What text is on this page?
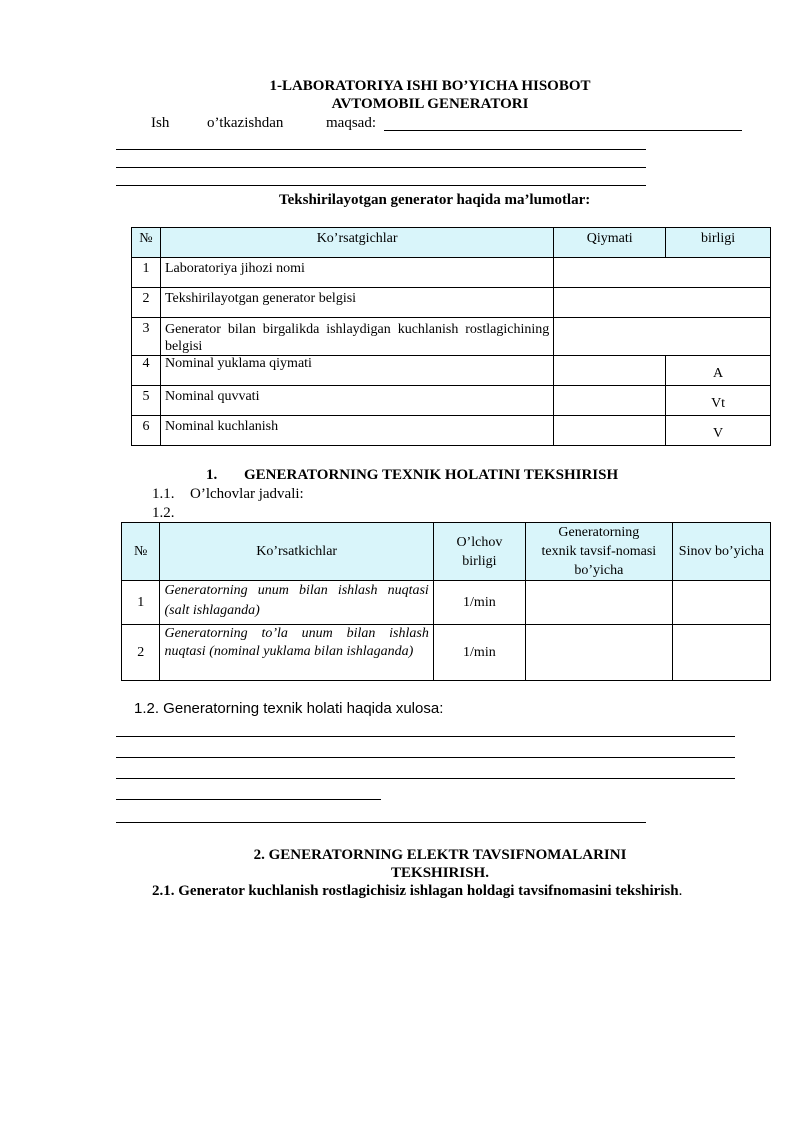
1-LABORATORIYA ISHI BO’YICHA HISOBOT
AVTOMOBIL GENERATORI
Ish	o’tkazishdan	maqsad:
Tekshirilayotgan generator haqida ma’lumotlar:
№	Ko’rsatgichlar	Qiymati	birligi
1	Laboratoriya jihozi nomi		
2	Tekshirilayotgan generator belgisi		
3	Generator bilan birgalikda ishlaydigan kuchlanish rostlagichining belgisi		
4	Nominal yuklama qiymati		A
5	Nominal quvvati		Vt
6	Nominal kuchlanish		V
1. GENERATORNING TEXNIK HOLATINI TEKSHIRISH
1.1. O’lchovlar jadvali:
1.2.
№	Ko’rsatkichlar	O’lchov birligi	Generatorning texnik tavsif-nomasi bo’yicha	Sinov bo’yicha
1	Generatorning unum bilan ishlash nuqtasi (salt ishlaganda)	1/min		
2	Generatorning to’la unum bilan ishlash nuqtasi (nominal yuklama bilan ishlaganda)	1/min		
1.2. Generatorning texnik holati haqida xulosa:
2. GENERATORNING ELEKTR TAVSIFNOMALARINI
TEKSHIRISH.
2.1. Generator kuchlanish rostlagichisiz ishlagan holdagi tavsifnomasini tekshirish.
